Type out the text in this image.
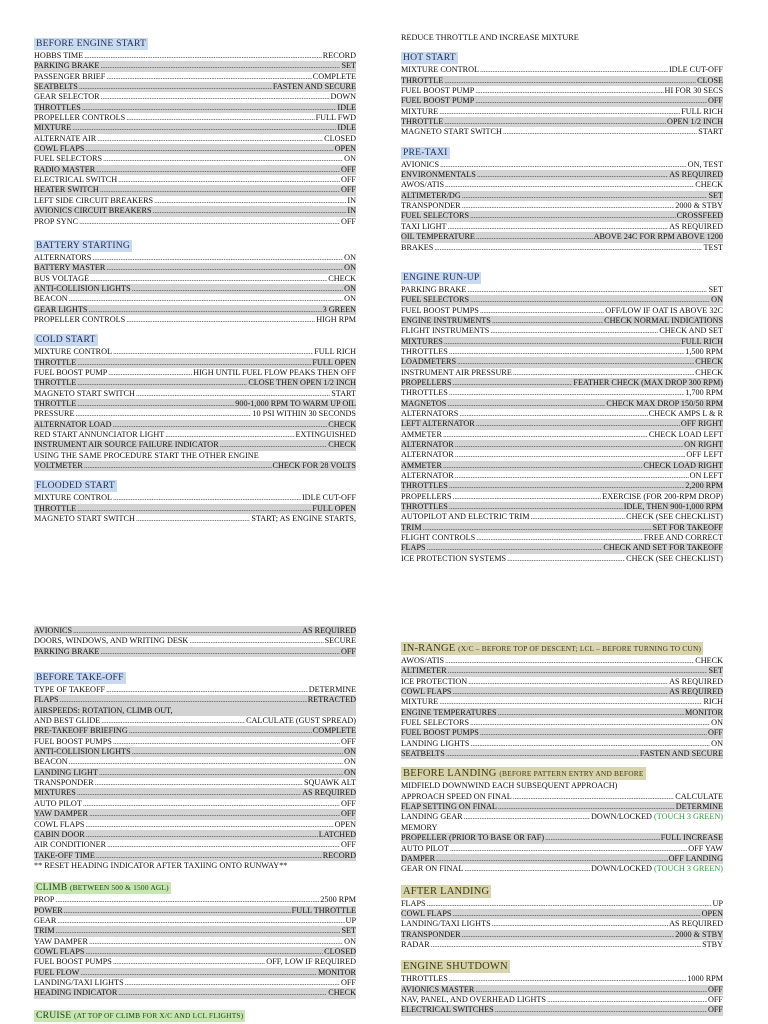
BEFORE ENGINE START

HOBBS TIME .....	RECORD
PARKING BRAKE .....	SET
PASSENGER BRIEF .....	COMPLETE
SEATBELTS .....	FASTEN AND SECURE
GEAR SELECTOR .....	DOWN
THROTTLES .....	IDLE
PROPELLER CONTROLS .....	FULL FWD
MIXTURE .....	IDLE
ALTERNATE AIR .....	CLOSED
COWL FLAPS .....	OPEN
FUEL SELECTORS .....	ON
RADIO MASTER .....	OFF
ELECTRICAL SWITCH .....	OFF
HEATER SWITCH .....	OFF
LEFT SIDE CIRCUIT BREAKERS .....	IN
AVIONICS CIRCUIT BREAKERS .....	IN
PROP SYNC .....	OFF
BATTERY STARTING

ALTERNATORS .....	ON
BATTERY MASTER .....	ON
BUS VOLTAGE .....	CHECK
ANTI-COLLISION LIGHTS .....	ON
BEACON .....	ON
GEAR LIGHTS .....	3 GREEN
PROPELLER CONTROLS .....	HIGH RPM
COLD START

MIXTURE CONTROL .....	FULL RICH
THROTTLE .....	FULL OPEN
FUEL BOOST PUMP .....	HIGH UNTIL FUEL FLOW PEAKS THEN OFF
THROTTLE .....	CLOSE THEN OPEN 1/2 INCH
MAGNETO START SWITCH .....	START
THROTTLE .....	900-1,000 RPM TO WARM UP OIL
PRESSURE .....	10 PSI WITHIN 30 SECONDS
ALTERNATOR LOAD .....	CHECK
RED START ANNUNCIATOR LIGHT .....	EXTINGUISHED
INSTRUMENT AIR SOURCE FAILURE INDICATOR .....	CHECK
USING THE SAME PROCEDURE START THE OTHER ENGINE
VOLTMETER .....	CHECK FOR 28 VOLTS
FLOODED START

MIXTURE CONTROL .....	IDLE CUT-OFF
THROTTLE .....	FULL OPEN
MAGNETO START SWITCH .....	START; AS ENGINE STARTS,
REDUCE THROTTLE AND INCREASE MIXTURE
HOT START

MIXTURE CONTROL .....	IDLE CUT-OFF
THROTTLE .....	CLOSE
FUEL BOOST PUMP .....	HI FOR 30 SECS
FUEL BOOST PUMP .....	OFF
MIXTURE .....	FULL RICH
THROTTLE .....	OPEN 1/2 INCH
MAGNETO START SWITCH .....	START
PRE-TAXI

AVIONICS .....	ON, TEST
ENVIRONMENTALS .....	AS REQUIRED
AWOS/ATIS .....	CHECK
ALTIMETER/DG .....	SET
TRANSPONDER .....	2000 & STBY
FUEL SELECTORS .....	CROSSFEED
TAXI LIGHT .....	AS REQUIRED
OIL TEMPERATURE .....	ABOVE 24C FOR RPM ABOVE 1200
BRAKES .....	TEST
ENGINE RUN-UP

PARKING BRAKE .....	SET
FUEL SELECTORS .....	ON
FUEL BOOST PUMPS .....	OFF/LOW IF OAT IS ABOVE 32C
ENGINE INSTRUMENTS .....	CHECK NORMAL INDICATIONS
FLIGHT INSTRUMENTS .....	CHECK AND SET
MIXTURES .....	FULL RICH
THROTTLES .....	1,500 RPM
LOADMETERS .....	CHECK
INSTRUMENT AIR PRESSURE .....	CHECK
PROPELLERS .....	FEATHER CHECK (MAX DROP 300 RPM)
THROTTLES .....	1,700 RPM
MAGNETOS .....	CHECK MAX DROP 150/50 RPM
ALTERNATORS .....	CHECK AMPS L & R
LEFT ALTERNATOR .....	OFF RIGHT
AMMETER .....	CHECK LOAD LEFT
ALTERNATOR .....	ON RIGHT
ALTERNATOR .....	OFF LEFT
AMMETER .....	CHECK LOAD RIGHT
ALTERNATOR .....	ON LEFT
THROTTLES .....	2,200 RPM
PROPELLERS .....	EXERCISE (FOR 200-RPM DROP)
THROTTLES .....	IDLE, THEN 900-1,000 RPM
AUTOPILOT AND ELECTRIC TRIM .....	CHECK (SEE CHECKLIST)
TRIM .....	SET FOR TAKEOFF
FLIGHT CONTROLS .....	FREE AND CORRECT
FLAPS .....	CHECK AND SET FOR TAKEOFF
ICE PROTECTION SYSTEMS .....	CHECK (SEE CHECKLIST)
AVIONICS .....	AS REQUIRED
DOORS, WINDOWS, AND WRITING DESK .....	SECURE
PARKING BRAKE .....	OFF
BEFORE TAKE-OFF

TYPE OF TAKEOFF .....	DETERMINE
FLAPS .....	RETRACTED
AIRSPEEDS: ROTATION, CLIMB OUT,
AND BEST GLIDE .....	CALCULATE (GUST SPREAD)
PRE-TAKEOFF BRIEFING .....	COMPLETE
FUEL BOOST PUMPS .....	OFF
ANTI-COLLISION LIGHTS .....	ON
BEACON .....	ON
LANDING LIGHT .....	ON
TRANSPONDER .....	SQUAWK ALT
MIXTURES .....	AS REQUIRED
AUTO PILOT .....	OFF
YAW DAMPER .....	OFF
COWL FLAPS .....	OPEN
CABIN DOOR .....	LATCHED
AIR CONDITIONER .....	OFF
TAKE-OFF TIME .....	RECORD
** RESET HEADING INDICATOR AFTER TAXIING ONTO RUNWAY**
CLIMB (BETWEEN 500 & 1500 AGL)

PROP .....	2500 RPM
POWER .....	FULL THROTTLE
GEAR .....	UP
TRIM .....	SET
YAW DAMPER .....	ON
COWL FLAPS .....	CLOSED
FUEL BOOST PUMPS .....	OFF, LOW IF REQUIRED
FUEL FLOW .....	MONITOR
LANDING/TAXI LIGHTS .....	OFF
HEADING INDICATOR .....	CHECK
CRUISE (AT TOP OF CLIMB FOR X/C AND LCL FLIGHTS)

IN-RANGE (X/C – BEFORE TOP OF DESCENT; LCL – BEFORE TURNING TO CUN)

AWOS/ATIS .....	CHECK
ALTIMETER .....	SET
ICE PROTECTION .....	AS REQUIRED
COWL FLAPS .....	AS REQUIRED
MIXTURE .....	RICH
ENGINE TEMPERATURES .....	MONITOR
FUEL SELECTORS .....	ON
FUEL BOOST PUMPS .....	OFF
LANDING LIGHTS .....	ON
SEATBELTS .....	FASTEN AND SECURE
BEFORE LANDING (BEFORE PATTERN ENTRY AND BEFORE

MIDFIELD DOWNWIND EACH SUBSEQUENT APPROACH)
APPROACH SPEED ON FINAL .....	CALCULATE
FLAP SETTING ON FINAL .....	DETERMINE
LANDING GEAR .....	DOWN/LOCKED (TOUCH 3 GREEN)
MEMORY
PROPELLER (PRIOR TO BASE OR FAF) .....	FULL INCREASE
AUTO PILOT .....	OFF YAW
DAMPER .....	OFF LANDING
GEAR ON FINAL .....	DOWN/LOCKED (TOUCH 3 GREEN)
AFTER LANDING

FLAPS .....	UP
COWL FLAPS .....	OPEN
LANDING/TAXI LIGHTS .....	AS REQUIRED
TRANSPONDER .....	2000 & STBY
RADAR .....	STBY
ENGINE SHUTDOWN

THROTTLES .....	1000 RPM
AVIONICS MASTER .....	OFF
NAV, PANEL, AND OVERHEAD LIGHTS .....	OFF
ELECTRICAL SWITCHES .....	OFF
